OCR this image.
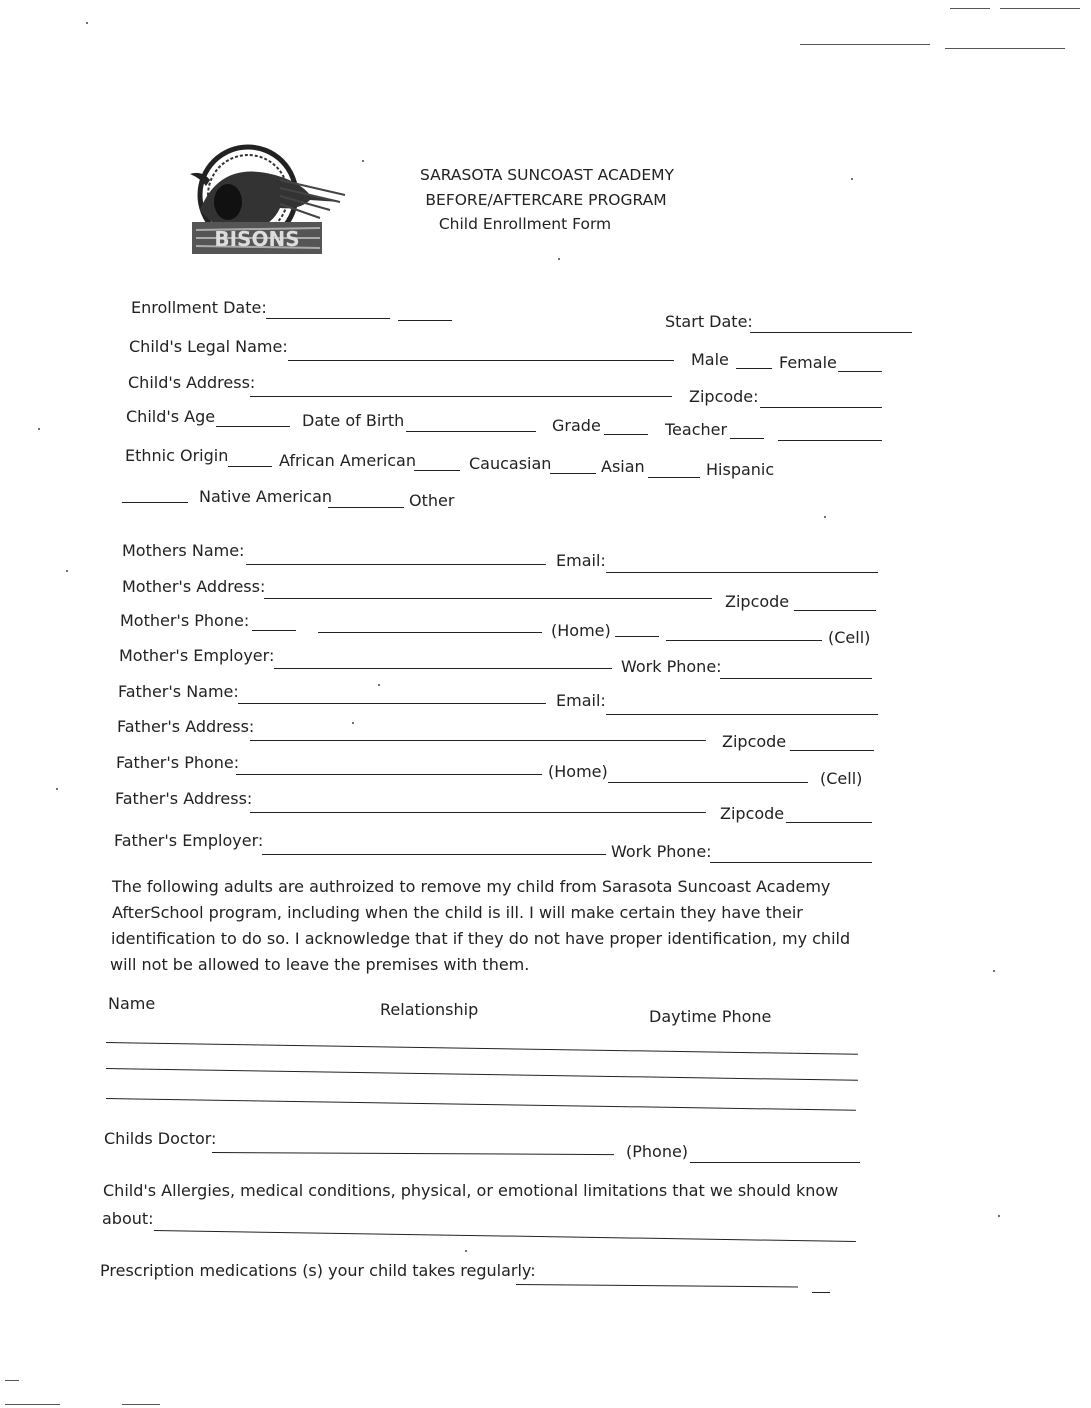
BISONS
SARASOTA SUNCOAST ACADEMY
BEFORE/AFTERCARE PROGRAM
Child Enrollment Form
Enrollment Date:
Start Date:
Child's Legal Name:
Male	Female
Child's Address:
Zipcode:
Child's Age	Date of Birth	Grade	Teacher
Ethnic Origin	African American	Caucasian	Asian	Hispanic
Native American	Other
Mothers Name:
Email:
Mother's Address:
Zipcode
Mother's Phone:
(Home)	(Cell)
Mother's Employer:
Work Phone:
Father's Name:	Email:
Father's Address:
Zipcode
Father's Phone:	(Home)	(Cell)
Father's Address:
Zipcode
Father's Employer:
Work Phone:
The following adults are authroized to remove my child from Sarasota Suncoast Academy
AfterSchool program, including when the child is ill. I will make certain they have their
identification to do so. I acknowledge that if they do not have proper identification, my child
will not be allowed to leave the premises with them.
Name	Relationship	Daytime Phone
Childs Doctor:
(Phone)
Child's Allergies, medical conditions, physical, or emotional limitations that we should know
about:
Prescription medications (s) your child takes regularly:
